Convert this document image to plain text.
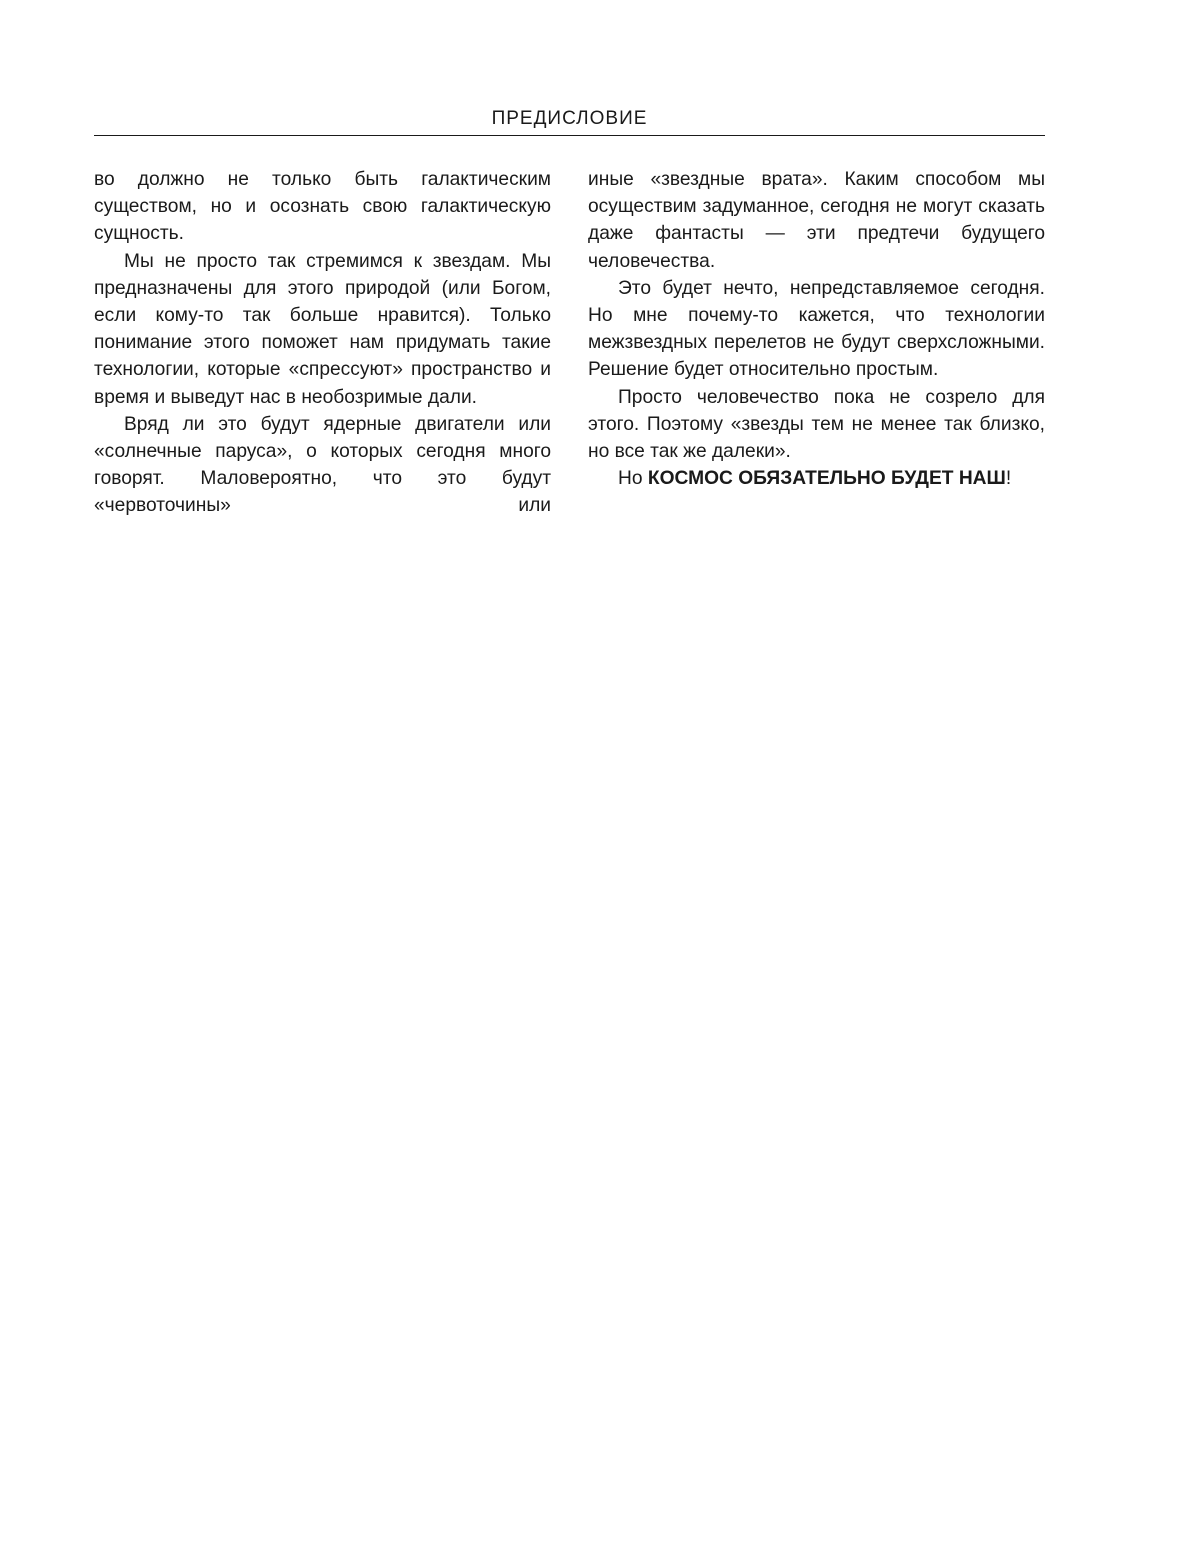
ПРЕДИСЛОВИЕ

во должно не только быть галактическим существом, но и осознать свою галактическую сущность.

Мы не просто так стремимся к звездам. Мы предназначены для этого природой (или Богом, если кому-то так больше нравится). Только понимание этого поможет нам придумать такие технологии, которые «спрессуют» пространство и время и выведут нас в необозримые дали.

Вряд ли это будут ядерные двигатели или «солнечные паруса», о которых сегодня много говорят. Маловероятно, что это будут «червоточины» или

иные «звездные врата». Каким способом мы осуществим задуманное, сегодня не могут сказать даже фантасты — эти предтечи будущего человечества.

Это будет нечто, непредставляемое сегодня. Но мне почему-то кажется, что технологии межзвездных перелетов не будут сверхсложными. Решение будет относительно простым.

Просто человечество пока не созрело для этого. Поэтому «звезды тем не менее так близко, но все так же далеки».

Но КОСМОС ОБЯЗАТЕЛЬНО БУДЕТ НАШ!
